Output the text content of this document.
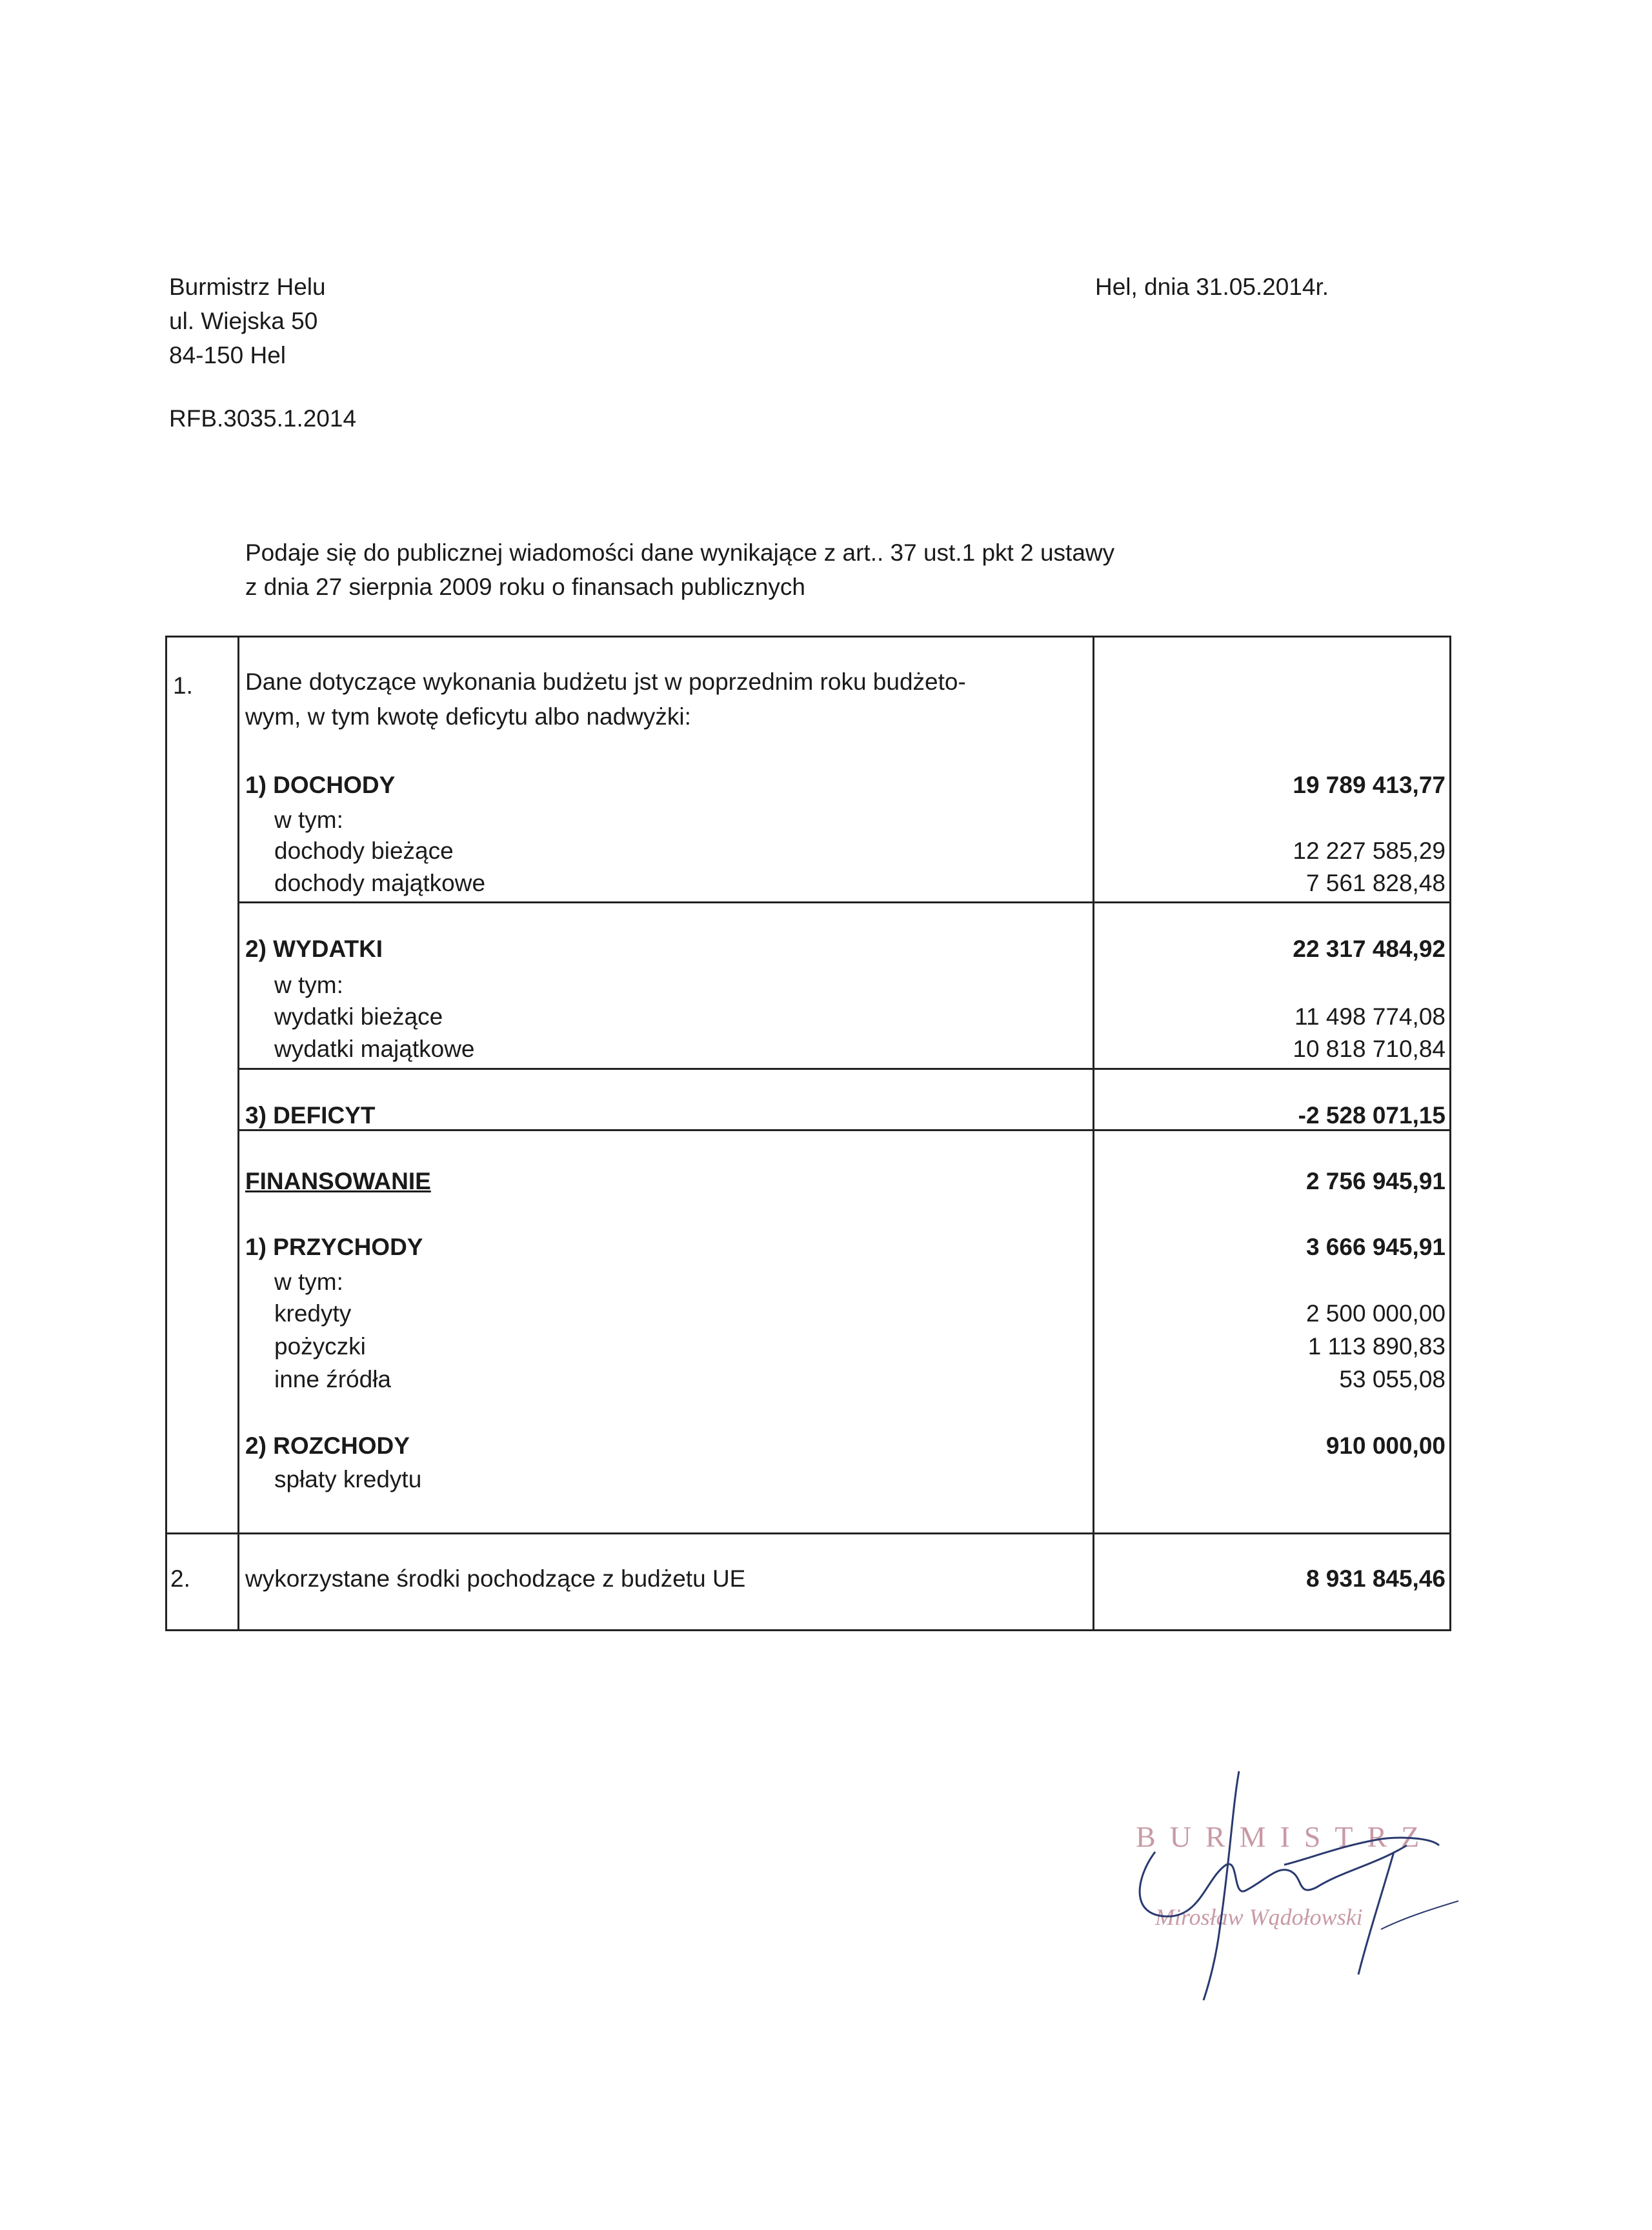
Burmistrz Helu
ul. Wiejska 50
84-150 Hel
Hel, dnia 31.05.2014r.
RFB.3035.1.2014
Podaje się do publicznej wiadomości dane wynikające z art.. 37 ust.1 pkt 2 ustawy
z dnia 27 sierpnia 2009 roku o finansach publicznych
1. Dane dotyczące wykonania budżetu jst w poprzednim roku budżeto-
wym, w tym kwotę deficytu albo nadwyżki:
1) DOCHODY	19 789 413,77
w tym:
dochody bieżące	12 227 585,29
dochody majątkowe	7 561 828,48
2) WYDATKI	22 317 484,92
w tym:
wydatki bieżące	11 498 774,08
wydatki majątkowe	10 818 710,84
3) DEFICYT	-2 528 071,15
FINANSOWANIE	2 756 945,91
1) PRZYCHODY	3 666 945,91
w tym:
kredyty	2 500 000,00
pożyczki	1 113 890,83
inne źródła	53 055,08
2) ROZCHODY	910 000,00
spłaty kredytu
2. wykorzystane środki pochodzące z budżetu UE	8 931 845,46
BURMISTRZ
Mirosław Wądołowski
